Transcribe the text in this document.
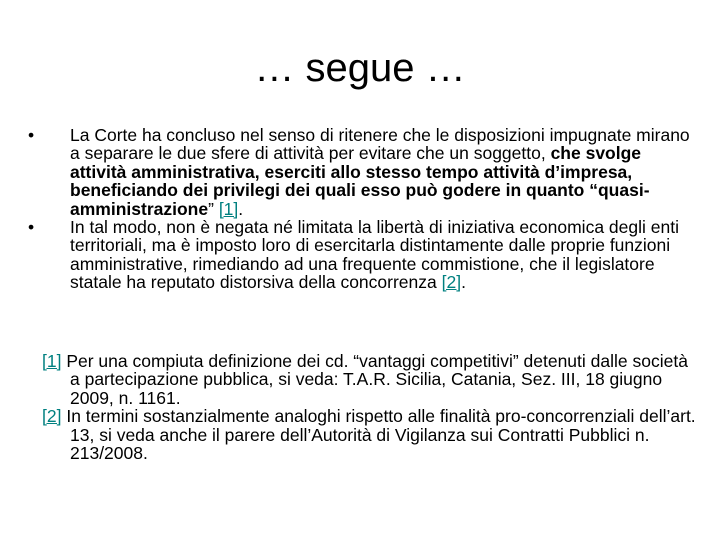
… segue …
• La Corte ha concluso nel senso di ritenere che le disposizioni impugnate mirano a separare le due sfere di attività per evitare che un soggetto, che svolge attività amministrativa, eserciti allo stesso tempo attività d’impresa, beneficiando dei privilegi dei quali esso può godere in quanto “quasi-amministrazione” [1].
• In tal modo, non è negata né limitata la libertà di iniziativa economica degli enti territoriali, ma è imposto loro di esercitarla distintamente dalle proprie funzioni amministrative, rimediando ad una frequente commistione, che il legislatore statale ha reputato distorsiva della concorrenza [2].
[1] Per una compiuta definizione dei cd. “vantaggi competitivi” detenuti dalle società a partecipazione pubblica, si veda: T.A.R. Sicilia, Catania, Sez. III, 18 giugno 2009, n. 1161.
[2] In termini sostanzialmente analoghi rispetto alle finalità pro-concorrenziali dell’art. 13, si veda anche il parere dell’Autorità di Vigilanza sui Contratti Pubblici n. 213/2008.
